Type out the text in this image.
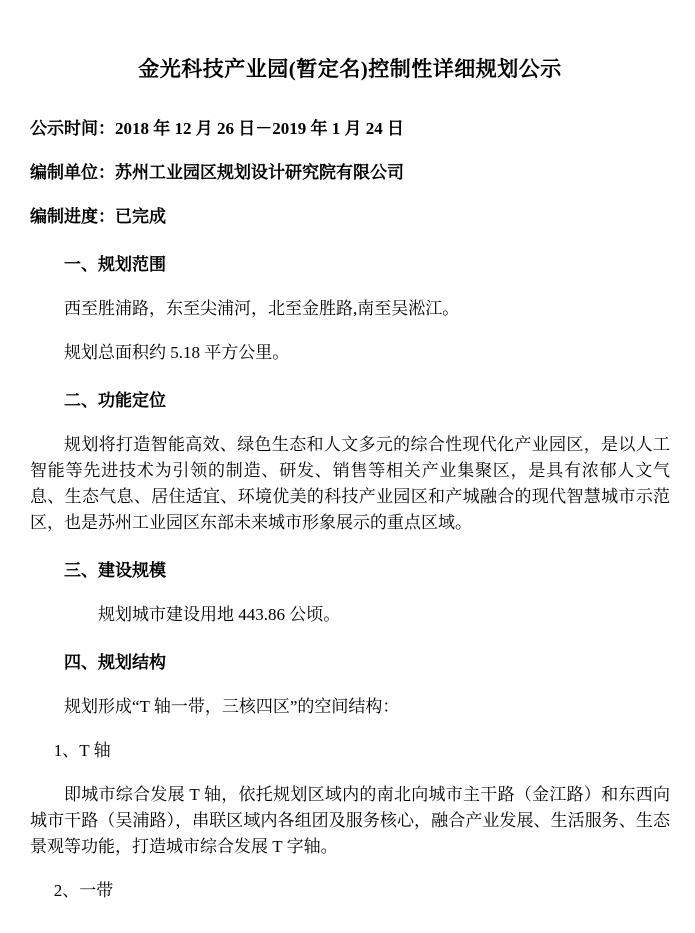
金光科技产业园(暂定名)控制性详细规划公示

公示时间：2018 年 12 月 26 日－2019 年 1 月 24 日

编制单位：苏州工业园区规划设计研究院有限公司

编制进度：已完成

一、规划范围

西至胜浦路，东至尖浦河，北至金胜路,南至吴淞江。

规划总面积约 5.18 平方公里。

二、功能定位

规划将打造智能高效、绿色生态和人文多元的综合性现代化产业园区，是以人工智能等先进技术为引领的制造、研发、销售等相关产业集聚区，是具有浓郁人文气息、生态气息、居住适宜、环境优美的科技产业园区和产城融合的现代智慧城市示范区，也是苏州工业园区东部未来城市形象展示的重点区域。

三、建设规模

规划城市建设用地 443.86 公顷。

四、规划结构

规划形成“T 轴一带，三核四区”的空间结构：

1、T 轴

即城市综合发展 T 轴，依托规划区域内的南北向城市主干路（金江路）和东西向城市干路（吴浦路），串联区域内各组团及服务核心，融合产业发展、生活服务、生态景观等功能，打造城市综合发展 T 字轴。

2、一带
